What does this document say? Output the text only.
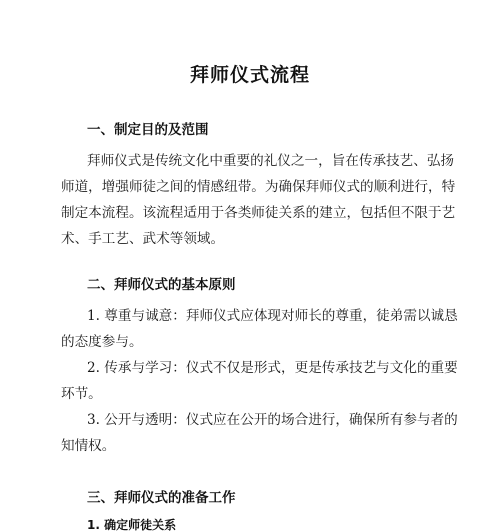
拜师仪式流程

一、制定目的及范围

拜师仪式是传统文化中重要的礼仪之一，旨在传承技艺、弘扬
师道，增强师徒之间的情感纽带。为确保拜师仪式的顺利进行，特
制定本流程。该流程适用于各类师徒关系的建立，包括但不限于艺
术、手工艺、武术等领域。

二、拜师仪式的基本原则

1. 尊重与诚意：拜师仪式应体现对师长的尊重，徒弟需以诚恳
的态度参与。
2. 传承与学习：仪式不仅是形式，更是传承技艺与文化的重要
环节。
3. 公开与透明：仪式应在公开的场合进行，确保所有参与者的
知情权。

三、拜师仪式的准备工作

1. 确定师徒关系
